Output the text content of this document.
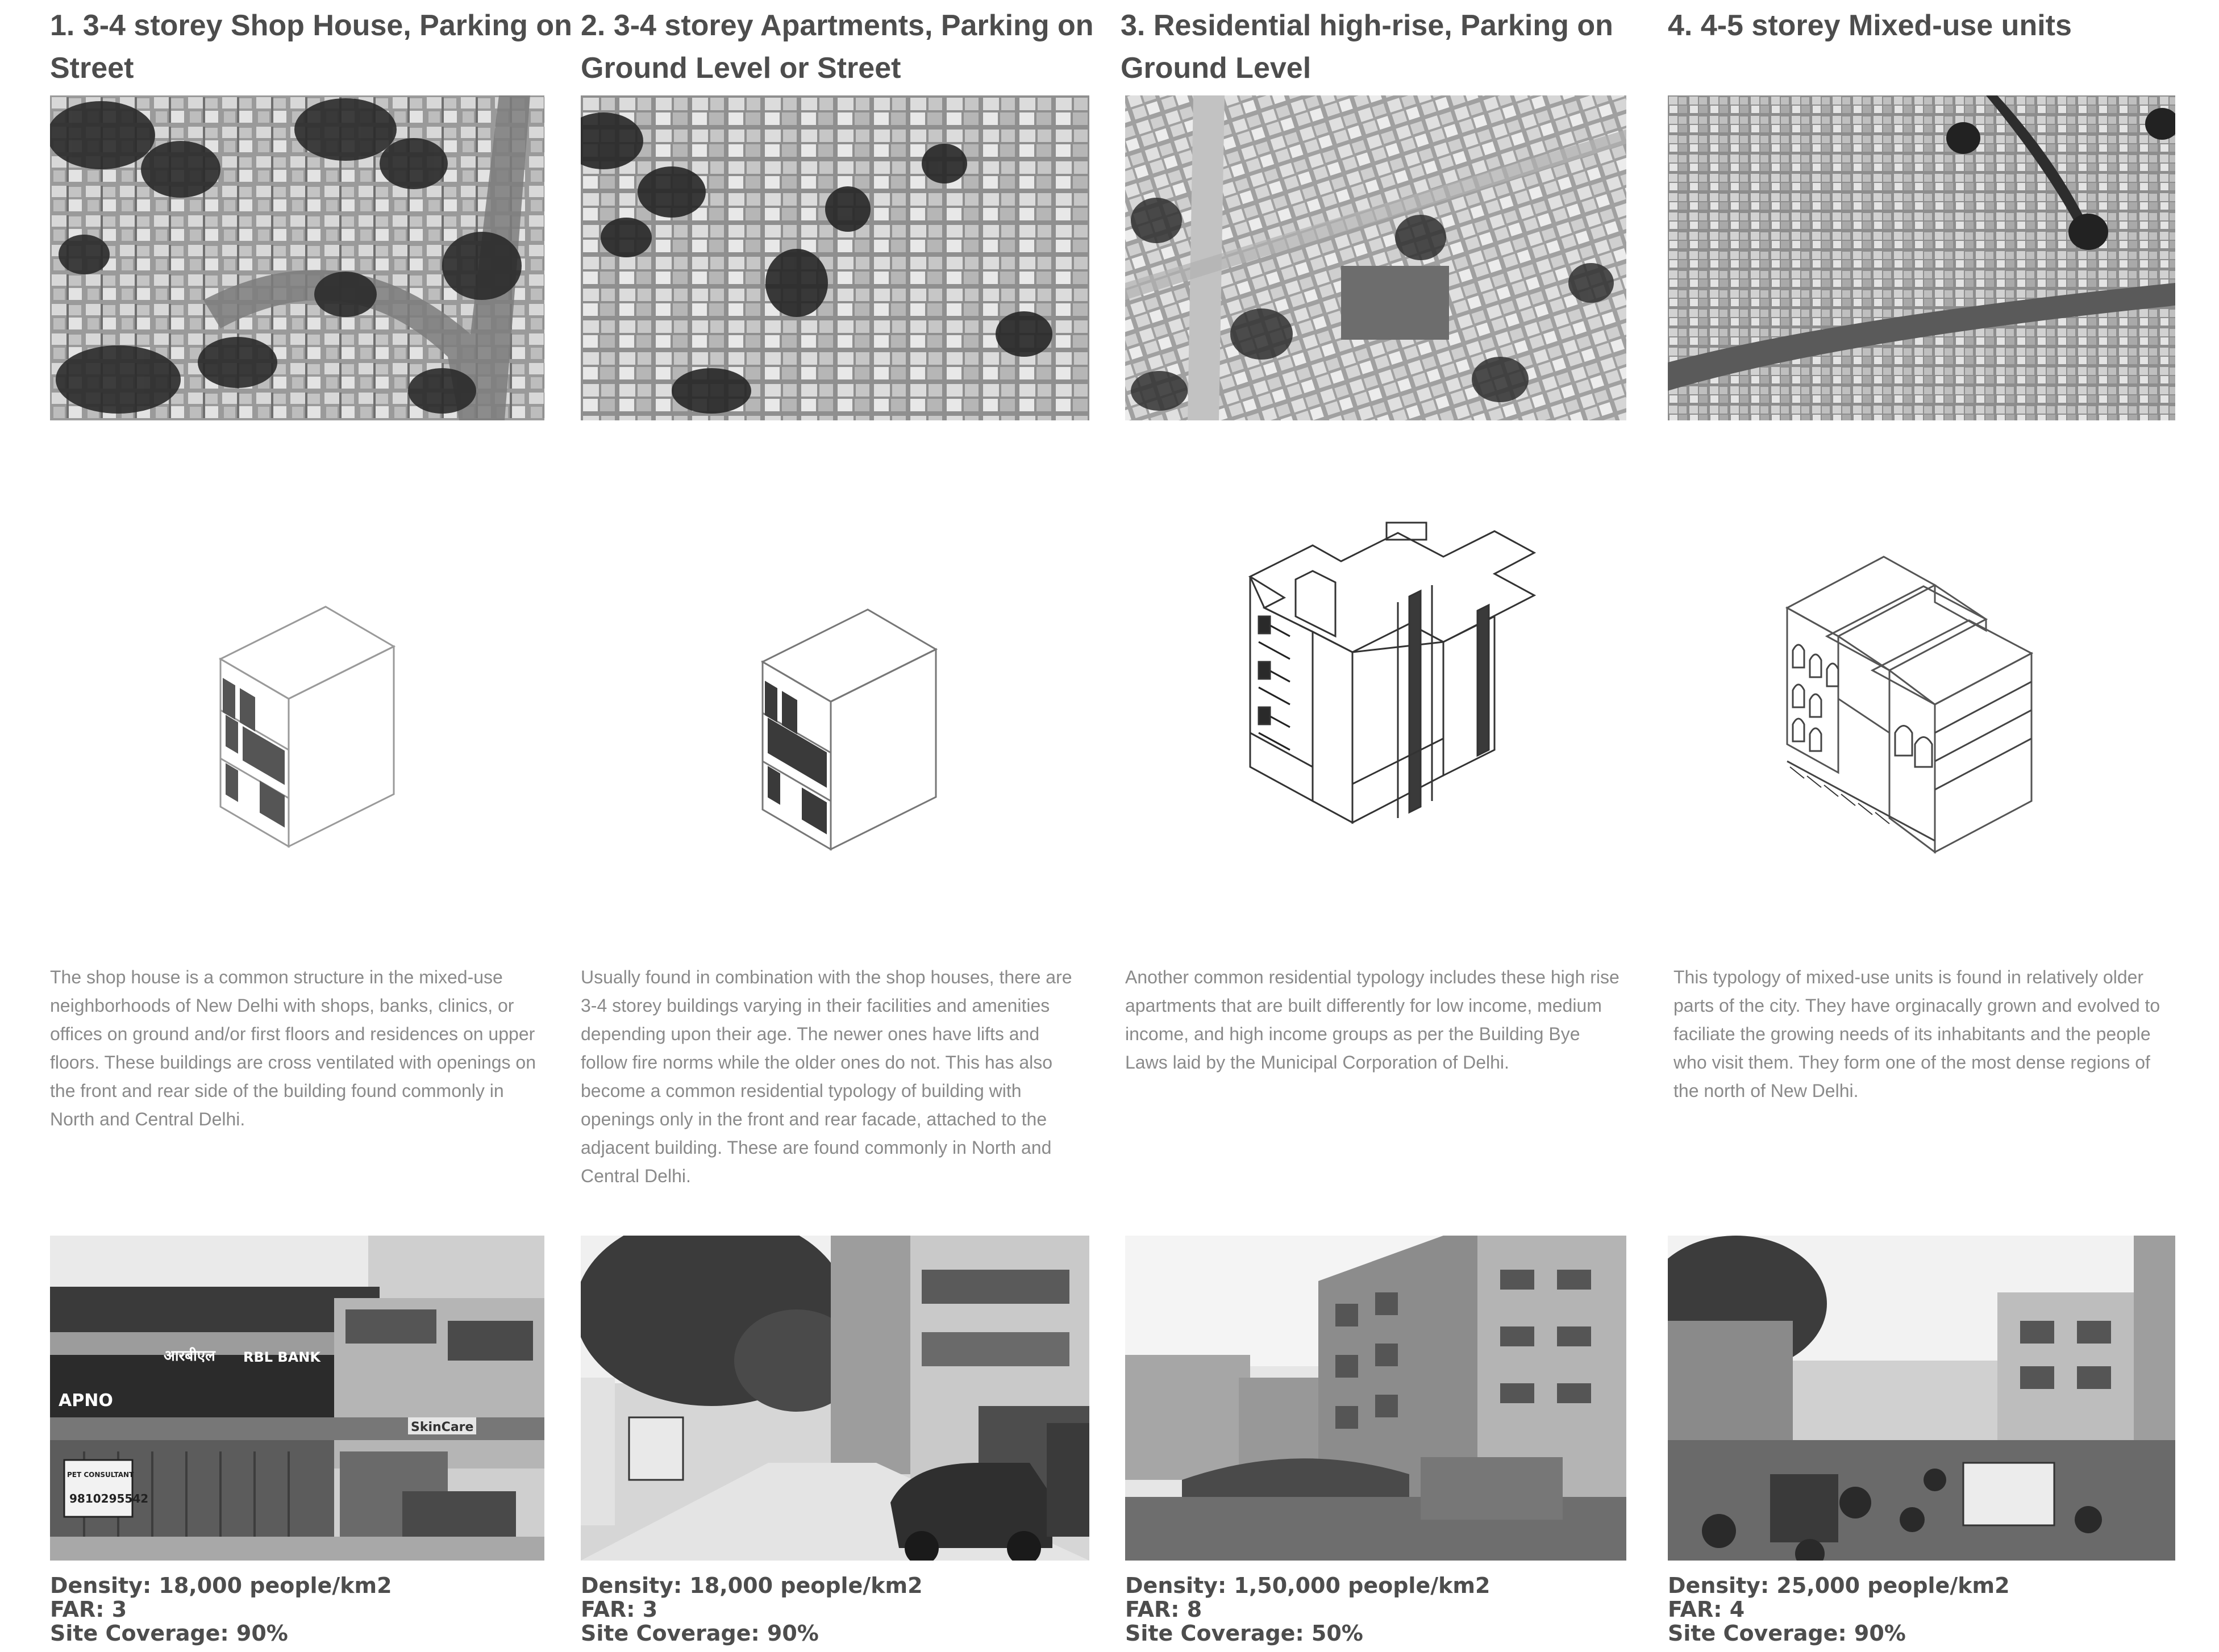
1. 3-4 storey Shop House, Parking on Street
The shop house is a common structure in the mixed-use neighborhoods of New Delhi with shops, banks, clinics, or offices on ground and/or first floors and residences on upper floors. These buildings are cross ventilated with openings on the front and rear side of the building found commonly in North and Central Delhi.
आरबीएल RBL BANK
APNO
SkinCare
PET CONSULTANT
9810295542
Density: 18,000 people/km2
FAR: 3
Site Coverage: 90%
2. 3-4 storey Apartments, Parking on Ground Level or Street
Usually found in combination with the shop houses, there are 3-4 storey buildings varying in their facilities and amenities depending upon their age. The newer ones have lifts and follow fire norms while the older ones do not. This has also become a common residential typology of building with openings only in the front and rear facade, attached to the adjacent building. These are found commonly in North and Central Delhi.
Density: 18,000 people/km2
FAR: 3
Site Coverage: 90%
3. Residential high-rise, Parking on Ground Level
Another common residential typology includes these high rise apartments that are built differently for low income, medium income, and high income groups as per the Building Bye Laws laid by the Municipal Corporation of Delhi.
Density: 1,50,000 people/km2
FAR: 8
Site Coverage: 50%
4. 4-5 storey Mixed-use units
This typology of mixed-use units is found in relatively older parts of the city. They have orginacally grown and evolved to faciliate the growing needs of its inhabitants and the people who visit them. They form one of the most dense regions of the north of New Delhi.
Density: 25,000 people/km2
FAR: 4
Site Coverage: 90%
